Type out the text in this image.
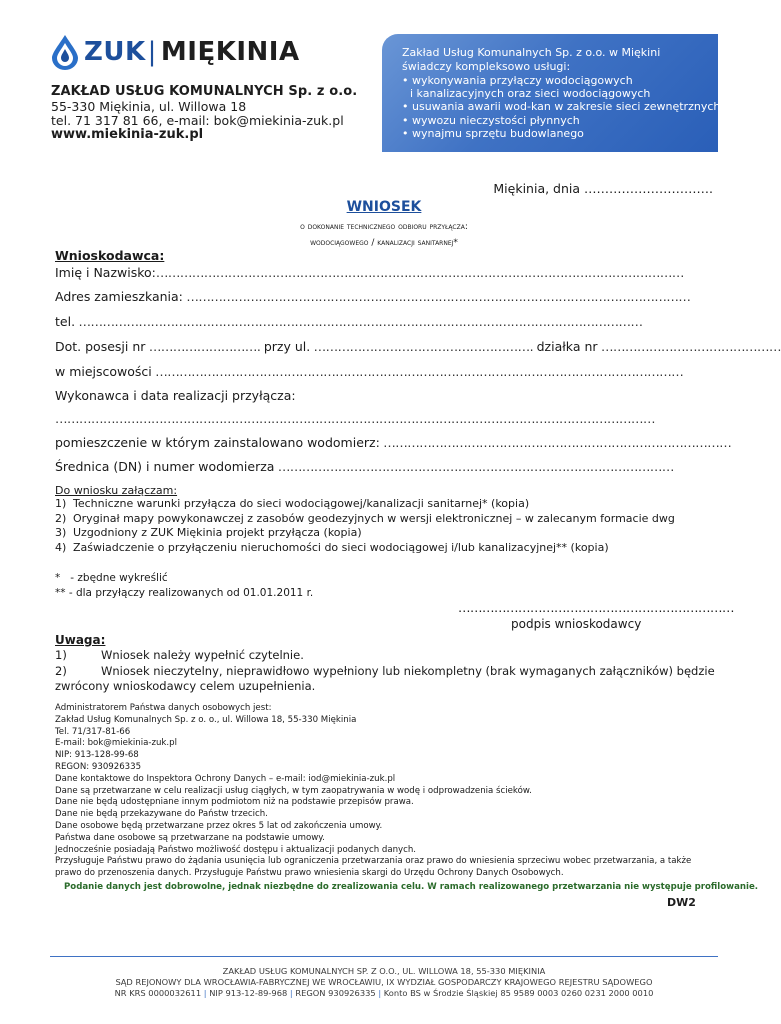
ZUK| MIĘKINIA
ZAKŁAD USŁUG KOMUNALNYCH Sp. z o.o.
55-330 Miękinia, ul. Willowa 18
tel. 71 317 81 66, e-mail: bok@miekinia-zuk.pl
www.miekinia-zuk.pl
Zakład Usług Komunalnych Sp. z o.o. w Miękini
świadczy kompleksowo usługi:
• wykonywania przyłączy wodociągowych
i kanalizacyjnych oraz sieci wodociągowych
• usuwania awarii wod-kan w zakresie sieci zewnętrznych
• wywozu nieczystości płynnych
• wynajmu sprzętu budowlanego
Miękinia, dnia ………………………….
WNIOSEK
o dokonanie technicznego odbioru przyłącza:
wodociągowego / kanalizacji sanitarnej*
Wnioskodawca:
Imię i Nazwisko:……………………………………………………………………………………………………………………
Adres zamieszkania: ………………………………………………………………………………………………………………
tel. ……………………………………………………………………………………………………………………………
Dot. posesji nr ………………………. przy ul. ………………………………………………. działka nr ………………………………………
w miejscowości ……………………………………………………………………………………………………………………
Wykonawca i data realizacji przyłącza:
……………………………………………………………………………………………………………………………………
pomieszczenie w którym zainstalowano wodomierz: ……………………………………………………………………………
Średnica (DN) i numer wodomierza ………………………………………………………………………………………
Do wniosku załączam:
1) Techniczne warunki przyłącza do sieci wodociągowej/kanalizacji sanitarnej* (kopia)
2) Oryginał mapy powykonawczej z zasobów geodezyjnych w wersji elektronicznej – w zalecanym formacie dwg
3) Uzgodniony z ZUK Miękinia projekt przyłącza (kopia)
4) Zaświadczenie o przyłączeniu nieruchomości do sieci wodociągowej i/lub kanalizacyjnej** (kopia)
*   - zbędne wykreślić
** - dla przyłączy realizowanych od 01.01.2011 r.
……………………………………………………………
podpis wnioskodawcy
Uwaga:
1)	Wniosek należy wypełnić czytelnie.
2)	Wniosek nieczytelny, nieprawidłowo wypełniony lub niekompletny (brak wymaganych załączników) będzie zwrócony wnioskodawcy celem uzupełnienia.

Administratorem Państwa danych osobowych jest:

Zakład Usług Komunalnych Sp. z o. o., ul. Willowa 18, 55-330 Miękinia

Tel. 71/317-81-66

E-mail: bok@miekinia-zuk.pl

NIP: 913-128-99-68

REGON: 930926335

Dane kontaktowe do Inspektora Ochrony Danych – e-mail: iod@miekinia-zuk.pl

Dane są przetwarzane w celu realizacji usług ciągłych, w tym zaopatrywania w wodę i odprowadzenia ścieków.

Dane nie będą udostępniane innym podmiotom niż na podstawie przepisów prawa.

Dane nie będą przekazywane do Państw trzecich.

Dane osobowe będą przetwarzane przez okres 5 lat od zakończenia umowy.

Państwa dane osobowe są przetwarzane na podstawie umowy.

Jednocześnie posiadają Państwo możliwość dostępu i aktualizacji podanych danych.

Przysługuje Państwu prawo do żądania usunięcia lub ograniczenia przetwarzania oraz prawo do wniesienia sprzeciwu wobec przetwarzania, a także prawo do przenoszenia danych. Przysługuje Państwu prawo wniesienia skargi do Urzędu Ochrony Danych Osobowych.

Podanie danych jest dobrowolne, jednak niezbędne do zrealizowania celu. W ramach realizowanego przetwarzania nie występuje profilowanie.
DW2
ZAKŁAD USŁUG KOMUNALNYCH SP. Z O.O., UL. WILLOWA 18, 55-330 MIĘKINIA
SĄD REJONOWY DLA WROCŁAWIA-FABRYCZNEJ WE WROCŁAWIU, IX WYDZIAŁ GOSPODARCZY KRAJOWEGO REJESTRU SĄDOWEGO
NR KRS 0000032611 | NIP 913-12-89-968 | REGON 930926335 | Konto BS w Środzie Śląskiej 85 9589 0003 0260 0231 2000 0010
